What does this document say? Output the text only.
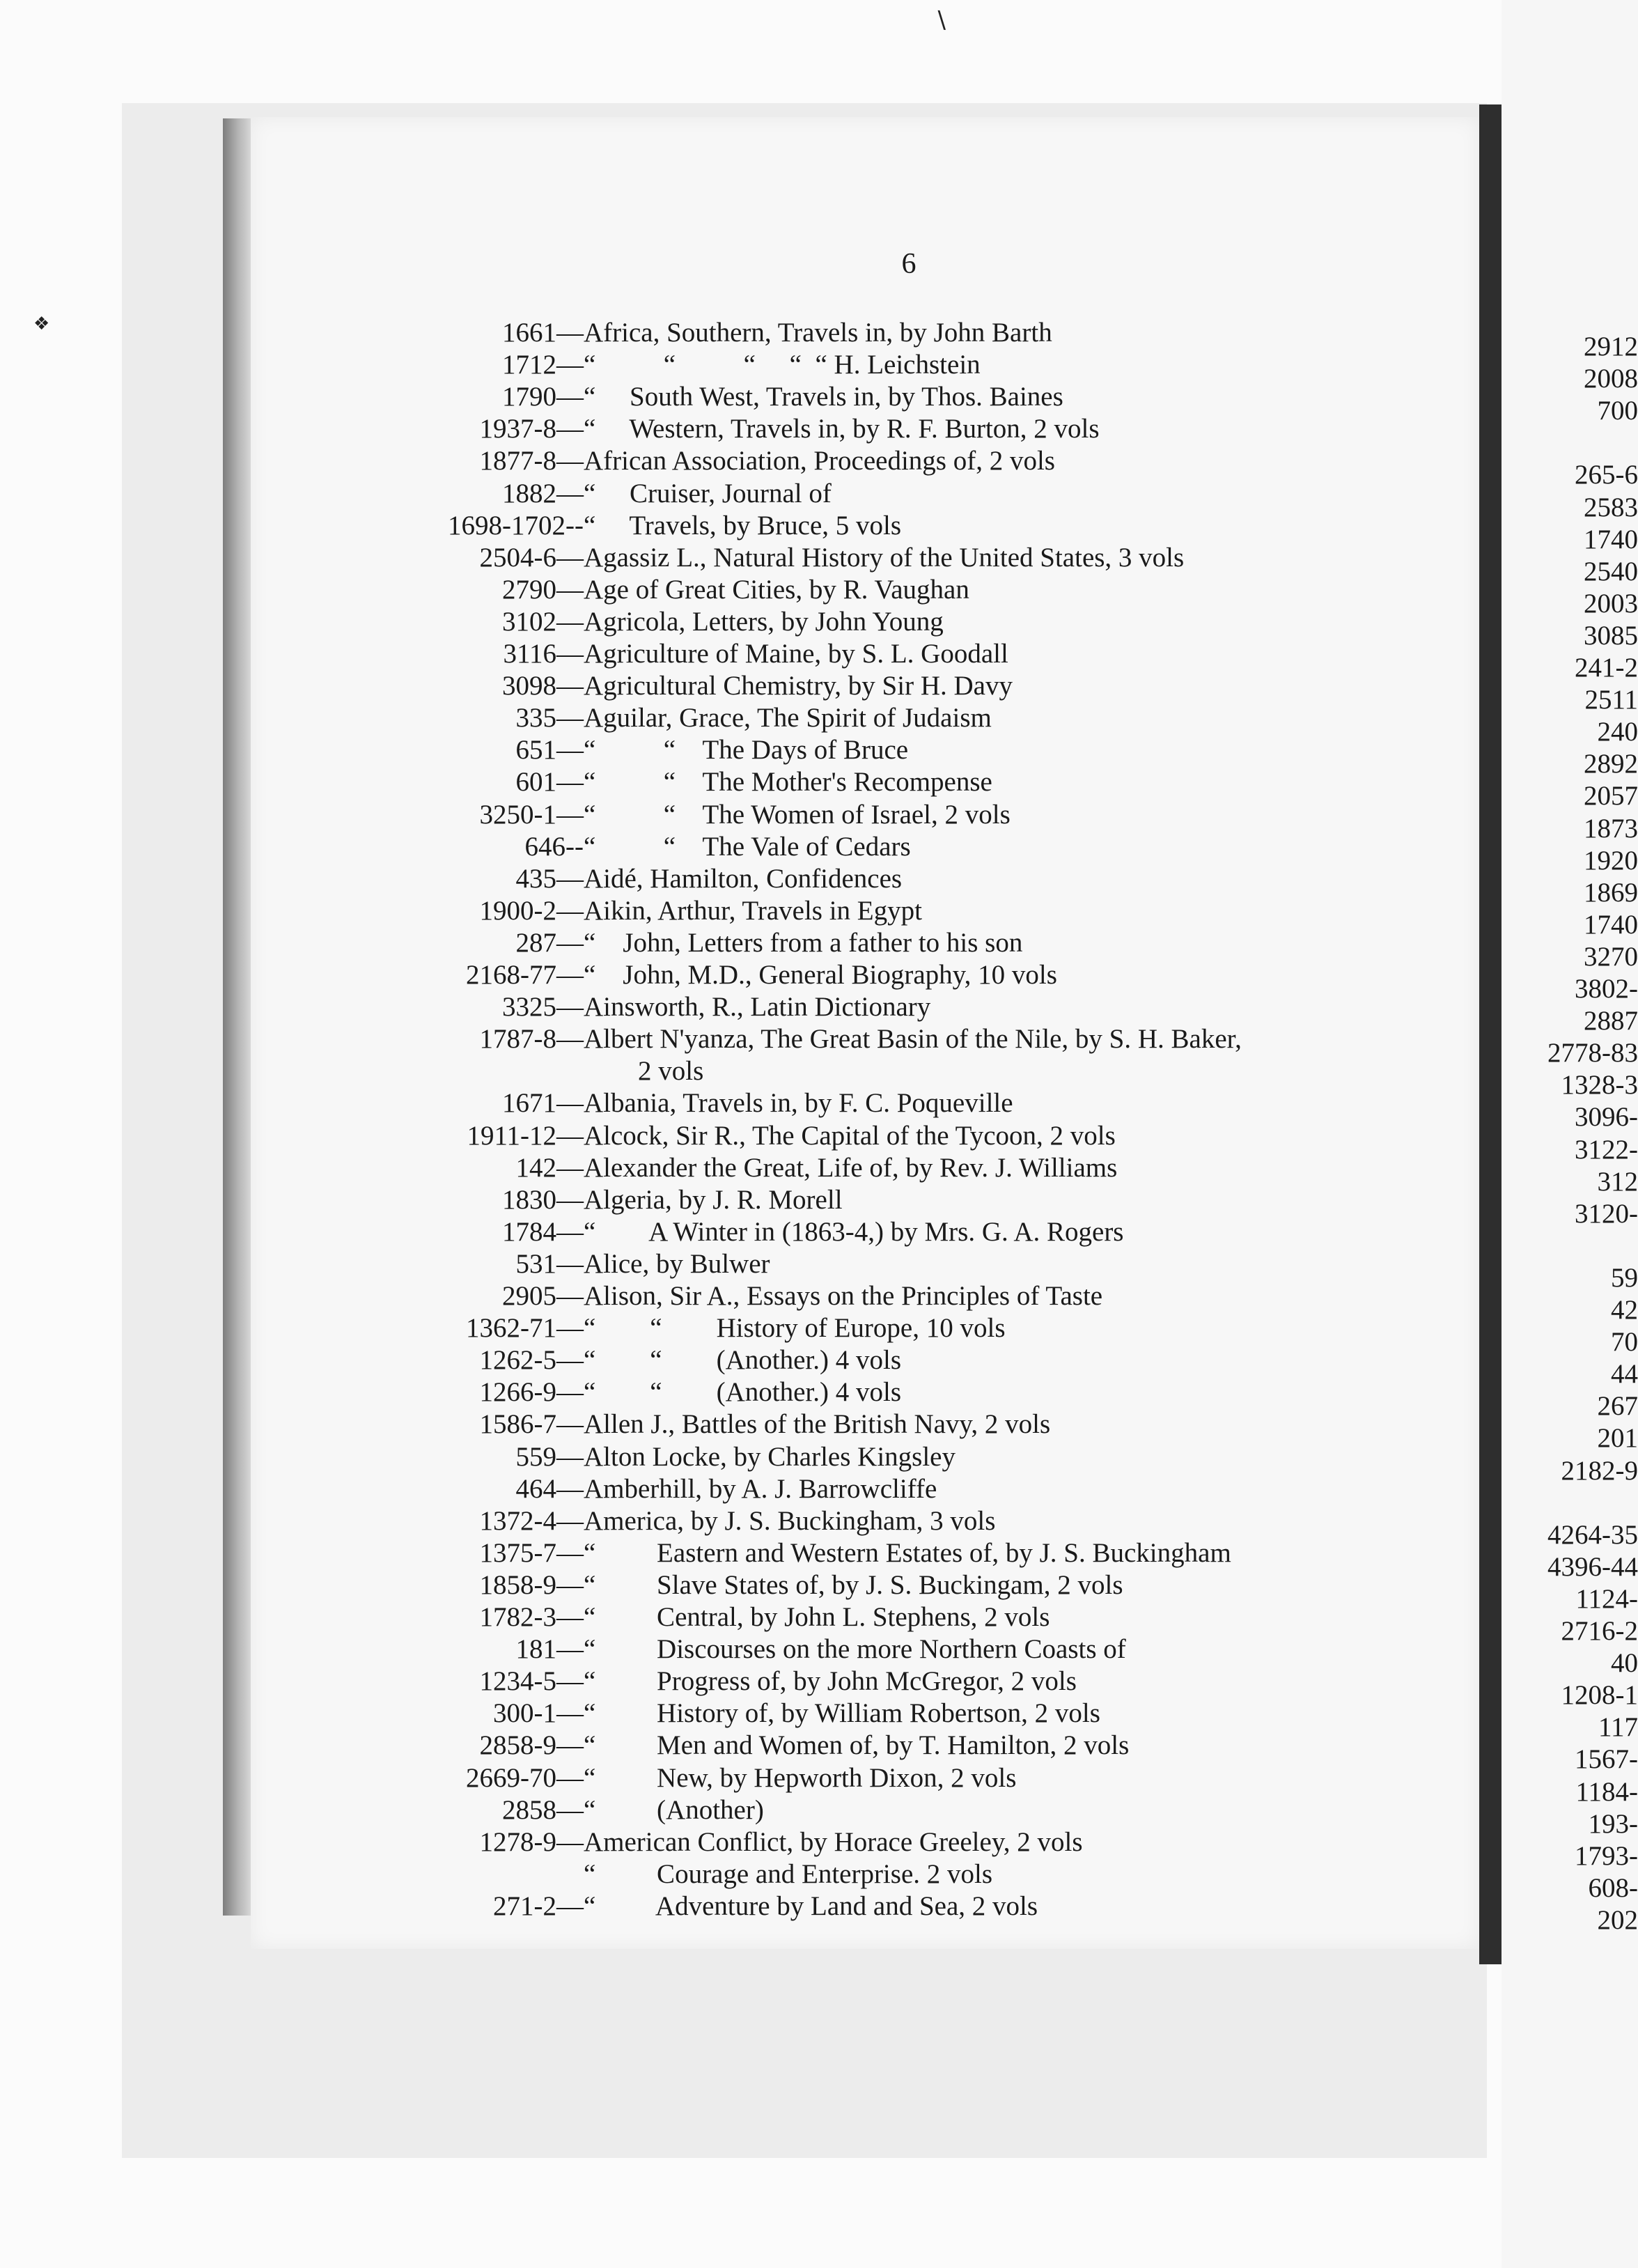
∖
❖
6
1661— Africa, Southern, Travels in, by John Barth
1712— “          “          “     “  “ H. Leichstein
1790— “     South West, Travels in, by Thos. Baines
1937-8— “     Western, Travels in, by R. F. Burton, 2 vols
1877-8— African Association, Proceedings of, 2 vols
1882— “     Cruiser, Journal of
1698-1702-- “     Travels, by Bruce, 5 vols
2504-6— Agassiz L., Natural History of the United States, 3 vols
2790— Age of Great Cities, by R. Vaughan
3102— Agricola, Letters, by John Young
3116— Agriculture of Maine, by S. L. Goodall
3098— Agricultural Chemistry, by Sir H. Davy
335— Aguilar, Grace, The Spirit of Judaism
651— “          “    The Days of Bruce
601— “          “    The Mother's Recompense
3250-1— “          “    The Women of Israel, 2 vols
646-- “          “    The Vale of Cedars
435— Aidé, Hamilton, Confidences
1900-2— Aikin, Arthur, Travels in Egypt
287— “    John, Letters from a father to his son
2168-77— “    John, M.D., General Biography, 10 vols
3325— Ainsworth, R., Latin Dictionary
1787-8— Albert N'yanza, The Great Basin of the Nile, by S. H. Baker,
2 vols
1671— Albania, Travels in, by F. C. Poqueville
1911-12— Alcock, Sir R., The Capital of the Tycoon, 2 vols
142— Alexander the Great, Life of, by Rev. J. Williams
1830— Algeria, by J. R. Morell
1784— “        A Winter in (1863-4,) by Mrs. G. A. Rogers
531— Alice, by Bulwer
2905— Alison, Sir A., Essays on the Principles of Taste
1362-71— “        “        History of Europe, 10 vols
1262-5— “        “        (Another.) 4 vols
1266-9— “        “        (Another.) 4 vols
1586-7— Allen J., Battles of the British Navy, 2 vols
559— Alton Locke, by Charles Kingsley
464— Amberhill, by A. J. Barrowcliffe
1372-4— America, by J. S. Buckingham, 3 vols
1375-7— “         Eastern and Western Estates of, by J. S. Buckingham
1858-9— “         Slave States of, by J. S. Buckingam, 2 vols
1782-3— “         Central, by John L. Stephens, 2 vols
181— “         Discourses on the more Northern Coasts of
1234-5— “         Progress of, by John McGregor, 2 vols
300-1— “         History of, by William Robertson, 2 vols
2858-9— “         Men and Women of, by T. Hamilton, 2 vols
2669-70— “         New, by Hepworth Dixon, 2 vols
2858— “         (Another)
1278-9— American Conflict, by Horace Greeley, 2 vols
“         Courage and Enterprise. 2 vols
271-2— “         Adventure by Land and Sea, 2 vols
2912
2008
700
265-6
2583
1740
2540
2003
3085
241-2
2511
240
2892
2057
1873
1920
1869
1740
3270
3802-
2887
2778-83
1328-3
3096-
3122-
312
3120-
59
42
70
44
267
201
2182-9
4264-35
4396-44
1124-
2716-2
40
1208-1
117
1567-
1184-
193-
1793-
608-
202
